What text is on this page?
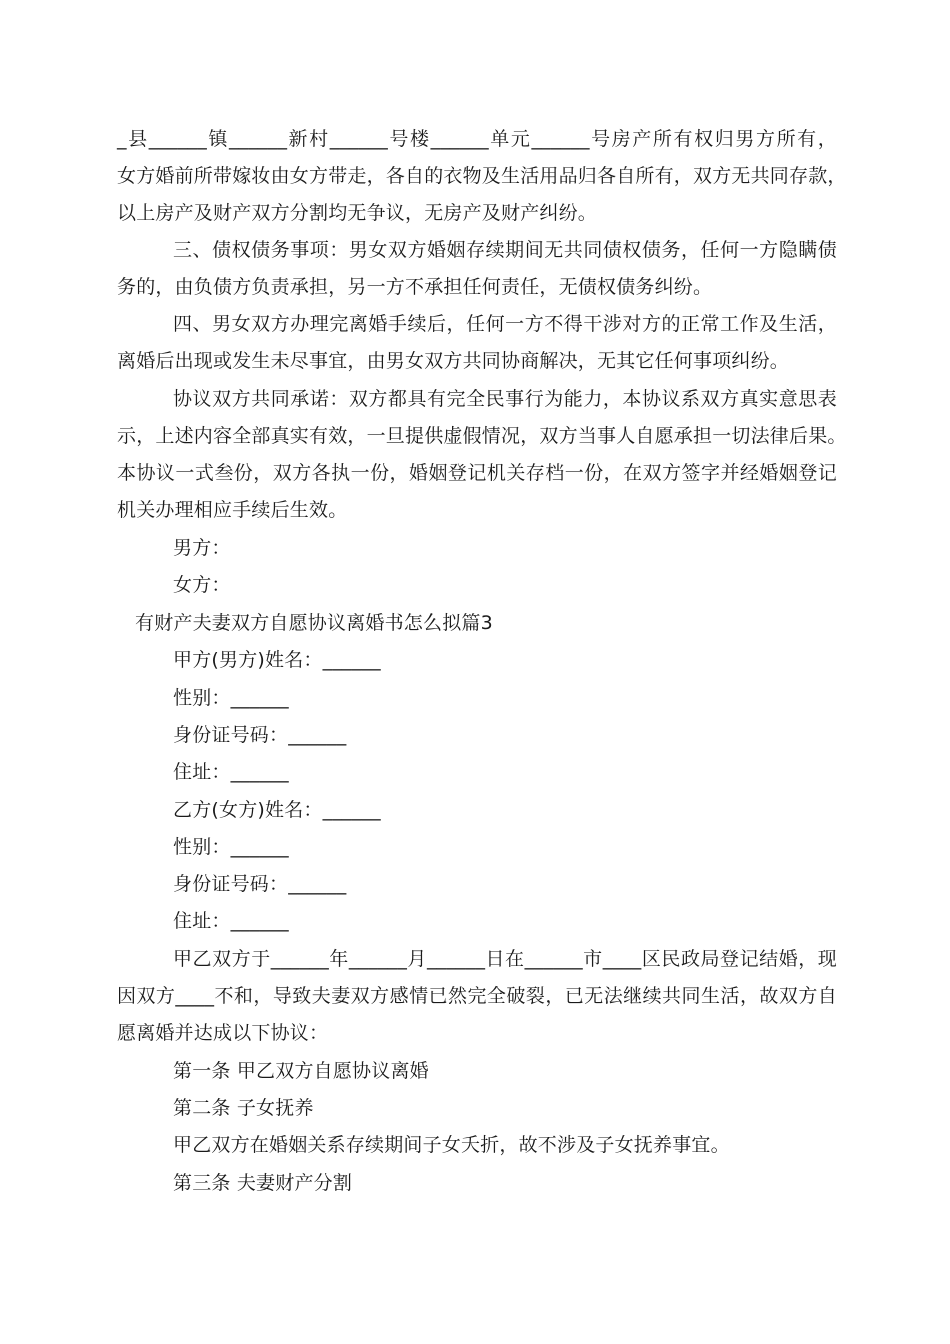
_县______镇______新村______号楼______单元______号房产所有权归男方所有，
女方婚前所带嫁妆由女方带走，各自的衣物及生活用品归各自所有，双方无共同存款，
以上房产及财产双方分割均无争议，无房产及财产纠纷。
三、债权债务事项：男女双方婚姻存续期间无共同债权债务，任何一方隐瞒债
务的，由负债方负责承担，另一方不承担任何责任，无债权债务纠纷。
四、男女双方办理完离婚手续后，任何一方不得干涉对方的正常工作及生活，
离婚后出现或发生未尽事宜，由男女双方共同协商解决，无其它任何事项纠纷。
协议双方共同承诺：双方都具有完全民事行为能力，本协议系双方真实意思表
示，上述内容全部真实有效，一旦提供虚假情况，双方当事人自愿承担一切法律后果。
本协议一式叁份，双方各执一份，婚姻登记机关存档一份，在双方签字并经婚姻登记
机关办理相应手续后生效。
男方：
女方：
有财产夫妻双方自愿协议离婚书怎么拟篇3
甲方(男方)姓名：______
性别：______
身份证号码：______
住址：______
乙方(女方)姓名：______
性别：______
身份证号码：______
住址：______
甲乙双方于______年______月______日在______市____区民政局登记结婚，现
因双方____不和，导致夫妻双方感情已然完全破裂，已无法继续共同生活，故双方自
愿离婚并达成以下协议：
第一条 甲乙双方自愿协议离婚
第二条 子女抚养
甲乙双方在婚姻关系存续期间子女夭折，故不涉及子女抚养事宜。
第三条 夫妻财产分割
